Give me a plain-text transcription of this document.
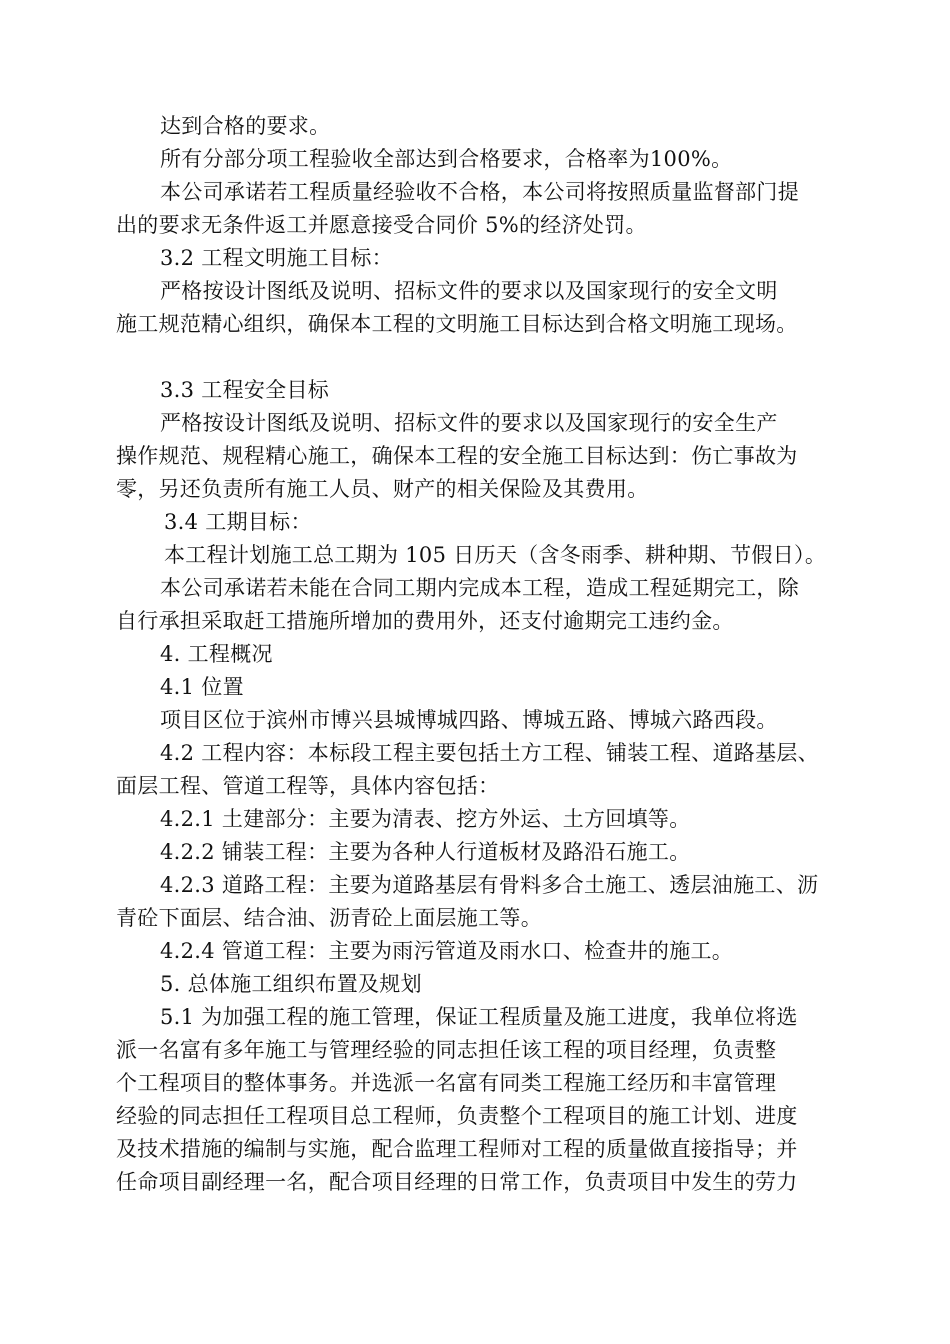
达到合格的要求。
所有分部分项工程验收全部达到合格要求，合格率为100%。
本公司承诺若工程质量经验收不合格，本公司将按照质量监督部门提
出的要求无条件返工并愿意接受合同价 5%的经济处罚。
3.2 工程文明施工目标：
严格按设计图纸及说明、招标文件的要求以及国家现行的安全文明
施工规范精心组织，确保本工程的文明施工目标达到合格文明施工现场。
3.3 工程安全目标
严格按设计图纸及说明、招标文件的要求以及国家现行的安全生产
操作规范、规程精心施工，确保本工程的安全施工目标达到：伤亡事故为
零，另还负责所有施工人员、财产的相关保险及其费用。
3.4 工期目标：
本工程计划施工总工期为 105 日历天（含冬雨季、耕种期、节假日）。
本公司承诺若未能在合同工期内完成本工程，造成工程延期完工，除
自行承担采取赶工措施所增加的费用外，还支付逾期完工违约金。
4. 工程概况
4.1 位置
项目区位于滨州市博兴县城博城四路、博城五路、博城六路西段。
4.2 工程内容：本标段工程主要包括土方工程、铺装工程、道路基层、
面层工程、管道工程等，具体内容包括：
4.2.1 土建部分：主要为清表、挖方外运、土方回填等。
4.2.2 铺装工程：主要为各种人行道板材及路沿石施工。
4.2.3 道路工程：主要为道路基层有骨料多合土施工、透层油施工、沥
青砼下面层、结合油、沥青砼上面层施工等。
4.2.4 管道工程：主要为雨污管道及雨水口、检查井的施工。
5. 总体施工组织布置及规划
5.1 为加强工程的施工管理，保证工程质量及施工进度，我单位将选
派一名富有多年施工与管理经验的同志担任该工程的项目经理，负责整
个工程项目的整体事务。并选派一名富有同类工程施工经历和丰富管理
经验的同志担任工程项目总工程师，负责整个工程项目的施工计划、进度
及技术措施的编制与实施，配合监理工程师对工程的质量做直接指导；并
任命项目副经理一名，配合项目经理的日常工作，负责项目中发生的劳力
